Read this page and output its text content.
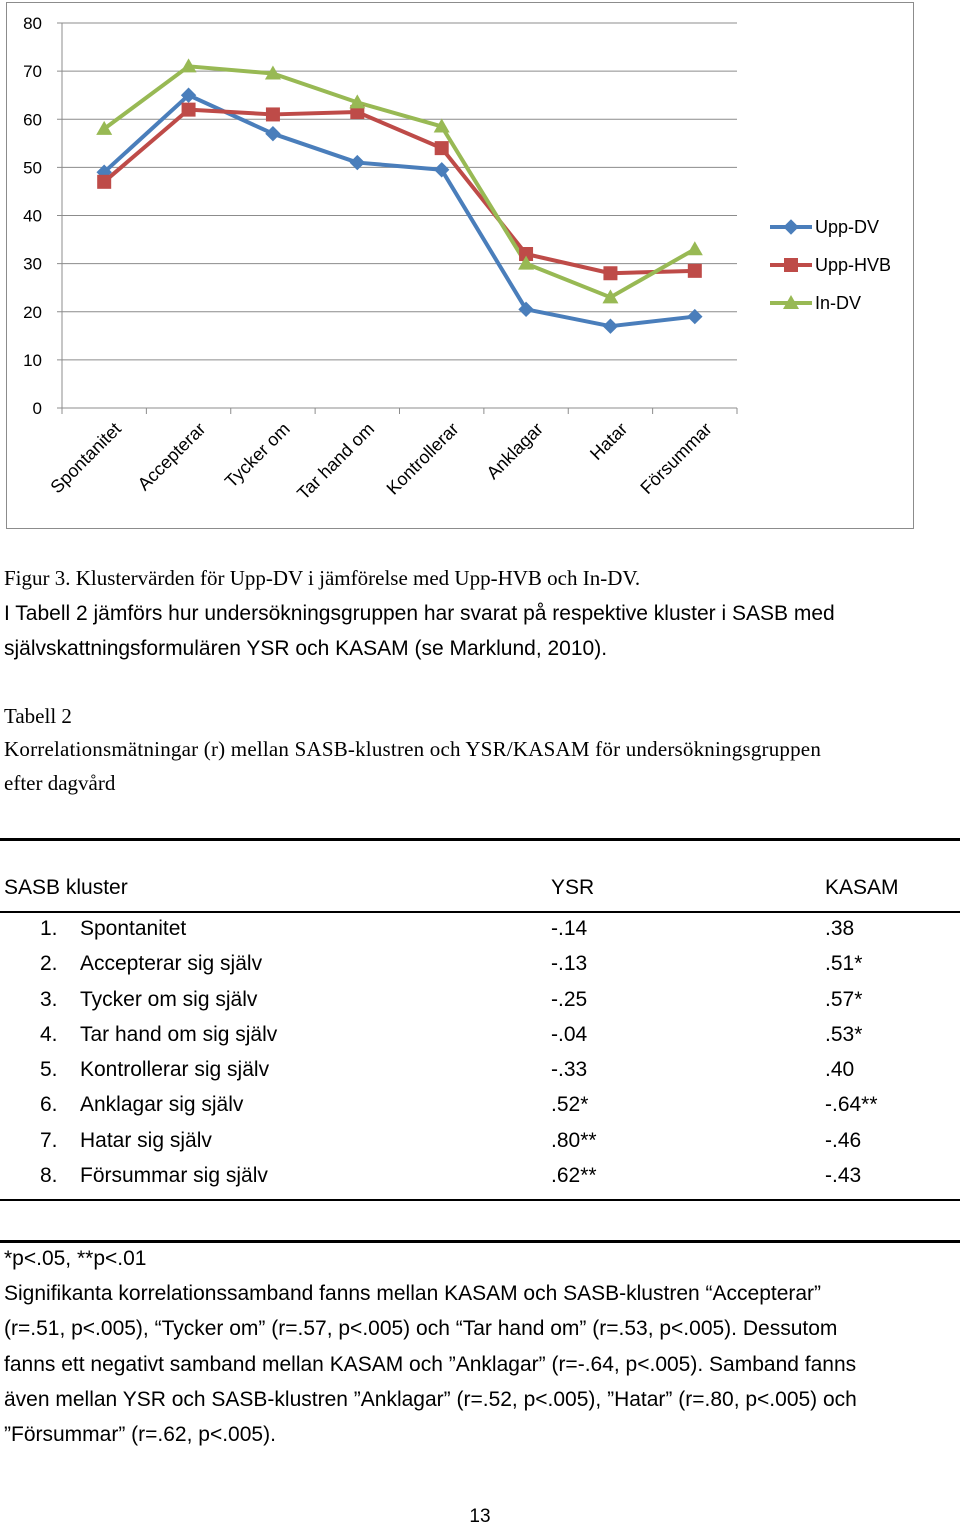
0
10
20
30
40
50
60
70
80
Spontanitet Accepterar Tycker om Tar hand om Kontrollerar Anklagar Hatar Försummar
Upp-DV
Upp-HVB
In-DV
Figur 3. Klustervärden för Upp-DV i jämförelse med Upp-HVB och In-DV.
I Tabell 2 jämförs hur undersökningsgruppen har svarat på respektive kluster i SASB med
självskattningsformulären YSR och KASAM (se Marklund, 2010).
Tabell 2
Korrelationsmätningar (r) mellan SASB-klustren och YSR/KASAM för undersökningsgruppen
efter dagvård
SASB kluster	YSR	KASAM
1. Spontanitet	-.14	.38
2. Accepterar sig själv	-.13	.51*
3. Tycker om sig själv	-.25	.57*
4. Tar hand om sig själv	-.04	.53*
5. Kontrollerar sig själv	-.33	.40
6. Anklagar sig själv	.52*	-.64**
7. Hatar sig själv	.80**	-.46
8. Försummar sig själv	.62**	-.43
*p<.05, **p<.01
Signifikanta korrelationssamband fanns mellan KASAM och SASB-klustren “Accepterar”
(r=.51, p<.005), “Tycker om” (r=.57, p<.005) och “Tar hand om” (r=.53, p<.005). Dessutom
fanns ett negativt samband mellan KASAM och ”Anklagar” (r=-.64, p<.005). Samband fanns
även mellan YSR och SASB-klustren ”Anklagar” (r=.52, p<.005), ”Hatar” (r=.80, p<.005) och
”Försummar” (r=.62, p<.005).
13
